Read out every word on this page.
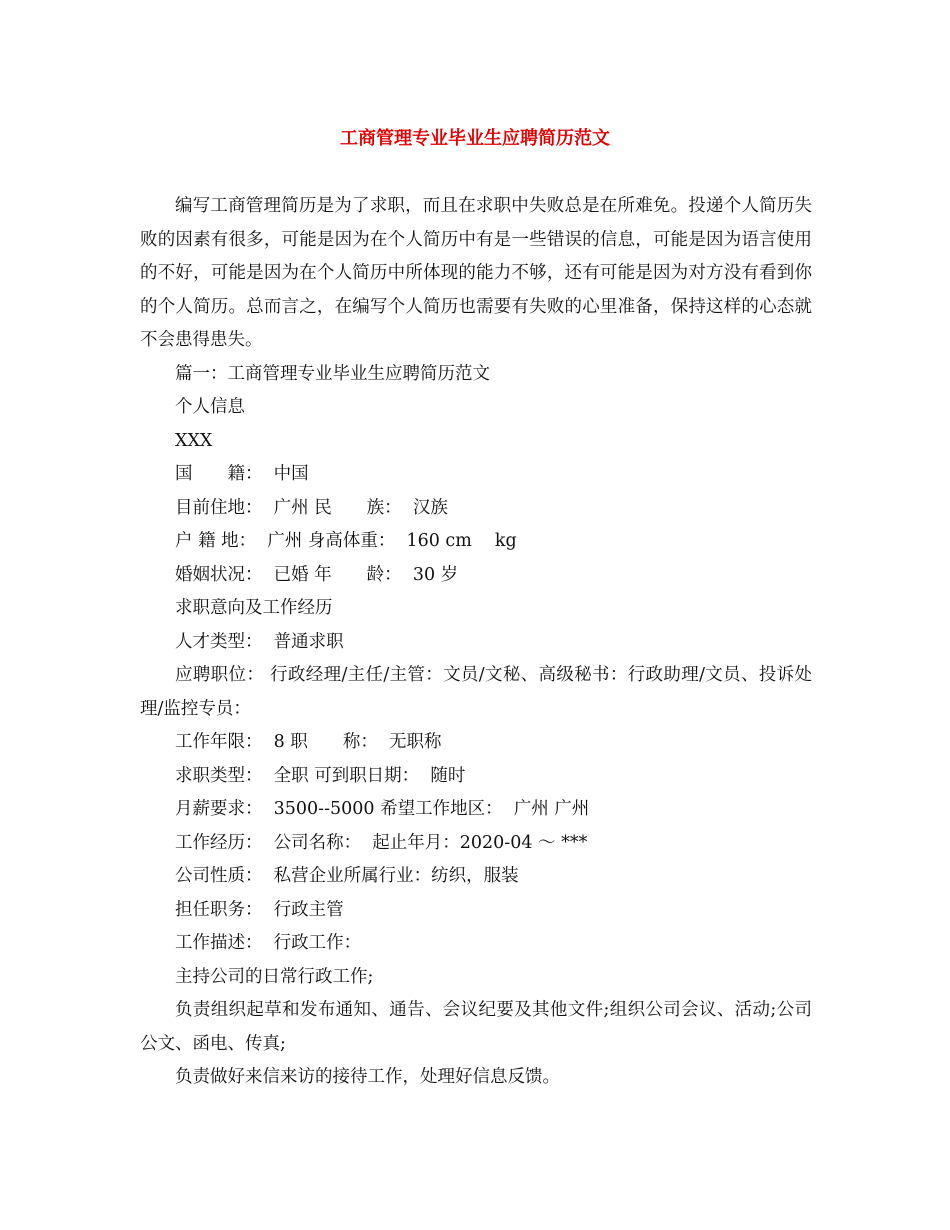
工商管理专业毕业生应聘简历范文

编写工商管理简历是为了求职，而且在求职中失败总是在所难免。投递个人简历失败的因素有很多，可能是因为在个人简历中有是一些错误的信息，可能是因为语言使用的不好，可能是因为在个人简历中所体现的能力不够，还有可能是因为对方没有看到你的个人简历。总而言之，在编写个人简历也需要有失败的心里准备，保持这样的心态就不会患得患失。

篇一：工商管理专业毕业生应聘简历范文

个人信息

XXX

国　　籍：  中国

目前住地：  广州 民　　族：  汉族

户 籍 地：  广州 身高体重：  160 cm　 kg

婚姻状况：  已婚 年　　龄：  30 岁

求职意向及工作经历

人才类型：  普通求职

应聘职位： 行政经理/主任/主管：文员/文秘、高级秘书：行政助理/文员、投诉处理/监控专员：

工作年限：  8 职　　称：  无职称

求职类型：  全职 可到职日期：  随时

月薪要求：  3500--5000 希望工作地区：  广州 广州

工作经历：  公司名称：  起止年月：2020-04 ～ ***

公司性质：  私营企业所属行业：纺织，服装

担任职务：  行政主管

工作描述：  行政工作：

主持公司的日常行政工作;

负责组织起草和发布通知、通告、会议纪要及其他文件;组织公司会议、活动;公司公文、函电、传真;

负责做好来信来访的接待工作，处理好信息反馈。
